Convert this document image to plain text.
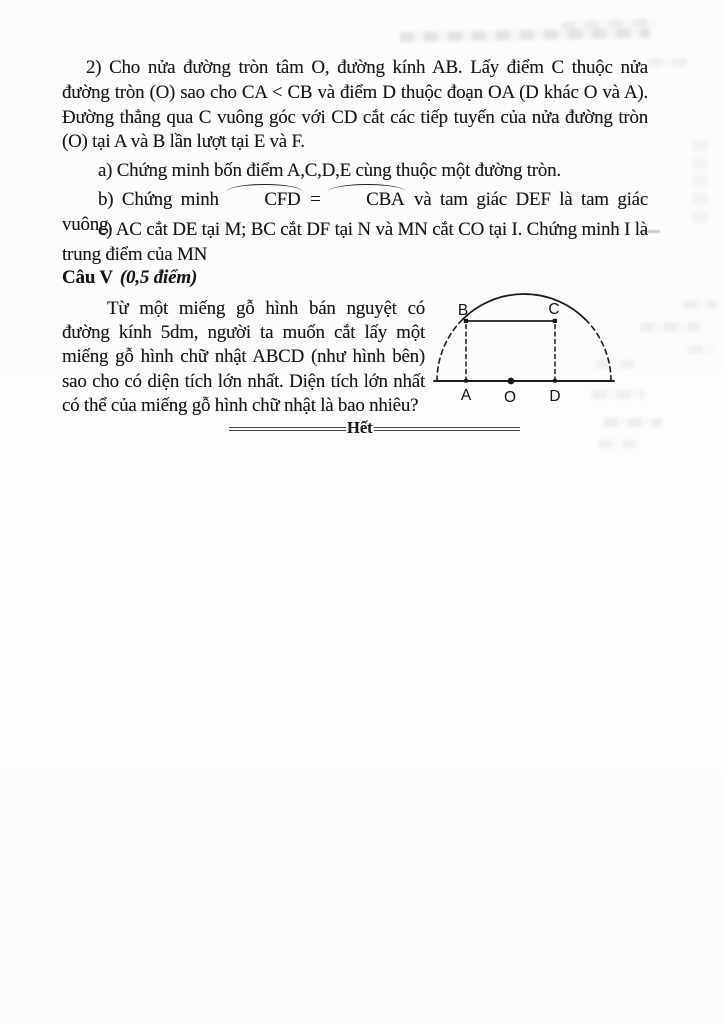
2) Cho nửa đường tròn tâm O, đường kính AB. Lấy điểm C thuộc nửa đường tròn (O) sao cho CA < CB và điểm D thuộc đoạn OA (D khác O và A). Đường thẳng qua C vuông góc với CD cắt các tiếp tuyến của nửa đường tròn (O) tại A và B lần lượt tại E và F.

a) Chứng minh bốn điểm A,C,D,E cùng thuộc một đường tròn.

b) Chứng minh CFD = CBA và tam giác DEF là tam giác vuông.

c) AC cắt DE tại M; BC cắt DF tại N và MN cắt CO tại I. Chứng minh I là trung điểm của MN

Câu V (0,5 điểm)

Từ một miếng gỗ hình bán nguyệt có đường kính 5dm, người ta muốn cắt lấy một miếng gỗ hình chữ nhật ABCD (như hình bên) sao cho có diện tích lớn nhất. Diện tích lớn nhất có thể của miếng gỗ hình chữ nhật là bao nhiêu?

B	C
A O D
Hết
